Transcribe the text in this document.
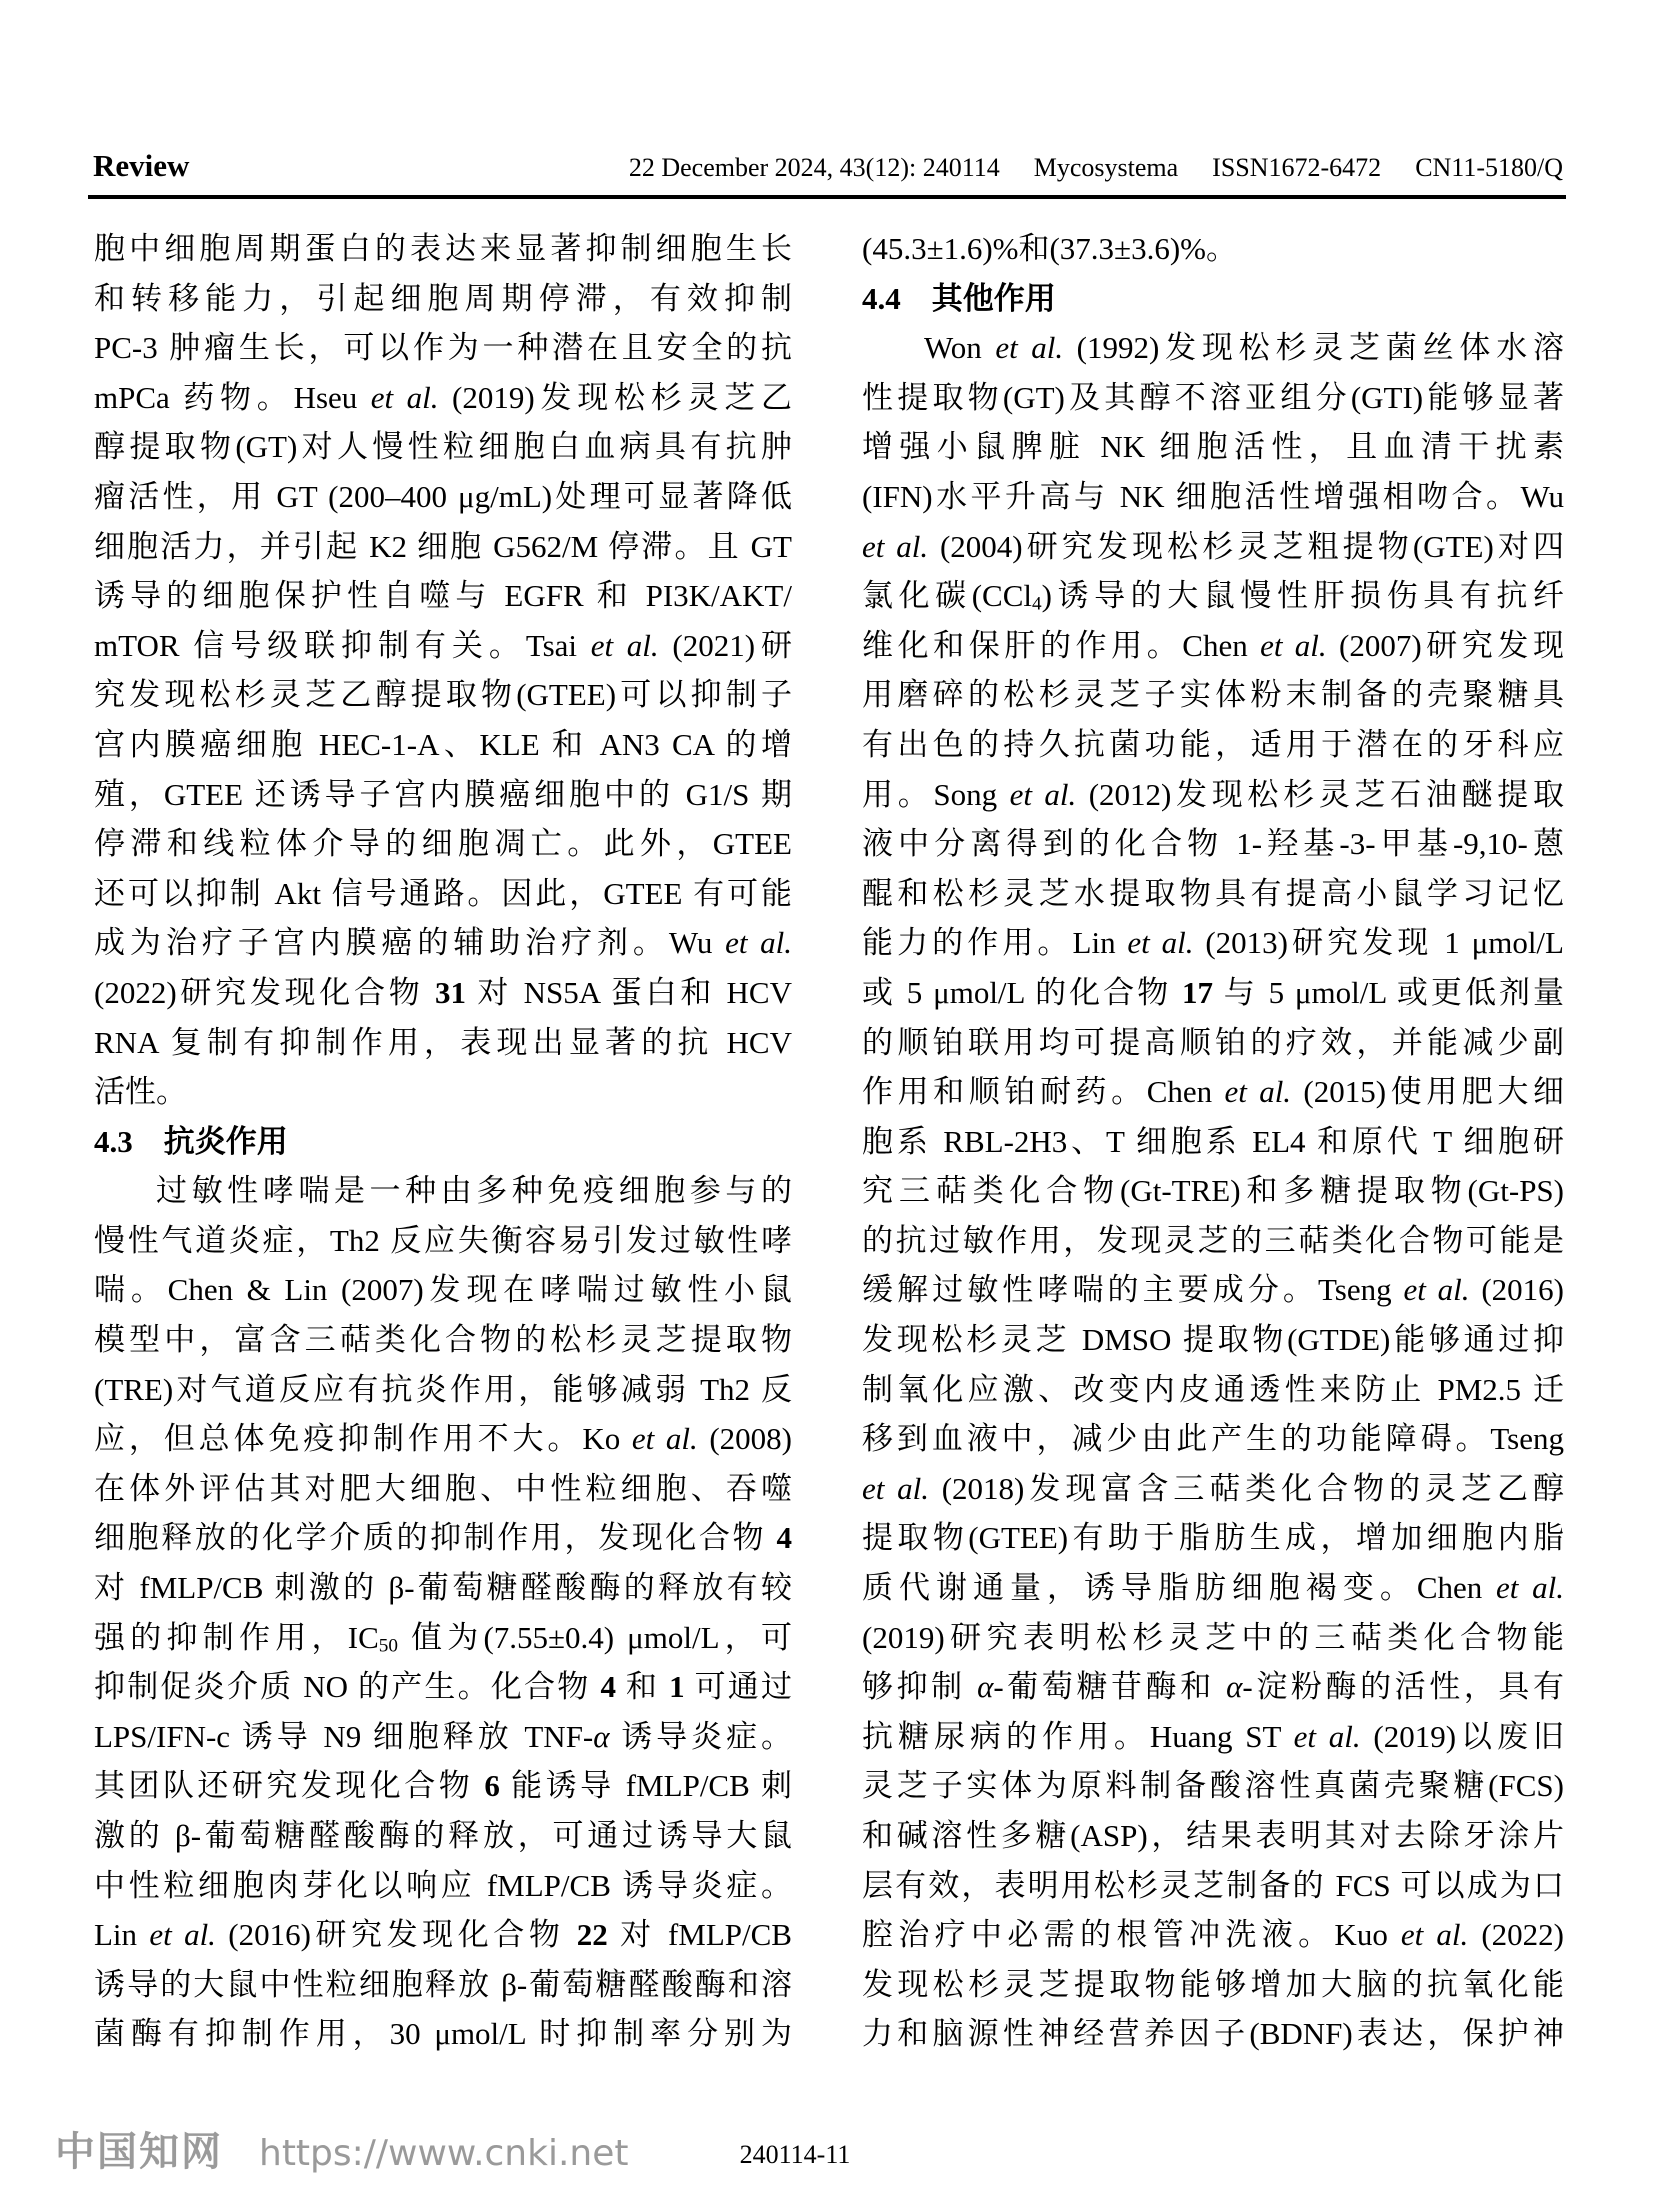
Review	22 December 2024, 43(12): 240114 Mycosystema ISSN1672-6472 CN11-5180/Q
胞中细胞周期蛋白的表达来显著抑制细胞生长
和转移能力，引起细胞周期停滞，有效抑制
PC-3 肿瘤生长，可以作为一种潜在且安全的抗
mPCa 药物。Hseu et al. (2019)发现松杉灵芝乙
醇提取物(GT)对人慢性粒细胞白血病具有抗肿
瘤活性，用 GT (200–400 μg/mL)处理可显著降低
细胞活力，并引起 K2 细胞 G562/M 停滞。且 GT
诱导的细胞保护性自噬与 EGFR 和 PI3K/AKT/
mTOR 信号级联抑制有关。Tsai et al. (2021)研
究发现松杉灵芝乙醇提取物(GTEE)可以抑制子
宫内膜癌细胞 HEC-1-A、KLE 和 AN3 CA 的增
殖，GTEE 还诱导子宫内膜癌细胞中的 G1/S 期
停滞和线粒体介导的细胞凋亡。此外，GTEE
还可以抑制 Akt 信号通路。因此，GTEE 有可能
成为治疗子宫内膜癌的辅助治疗剂。Wu et al.
(2022)研究发现化合物 31 对 NS5A 蛋白和 HCV
RNA 复制有抑制作用，表现出显著的抗 HCV
活性。
4.3 抗炎作用
过敏性哮喘是一种由多种免疫细胞参与的
慢性气道炎症，Th2 反应失衡容易引发过敏性哮
喘。Chen & Lin (2007)发现在哮喘过敏性小鼠
模型中，富含三萜类化合物的松杉灵芝提取物
(TRE)对气道反应有抗炎作用，能够减弱 Th2 反
应，但总体免疫抑制作用不大。Ko et al. (2008)
在体外评估其对肥大细胞、中性粒细胞、吞噬
细胞释放的化学介质的抑制作用，发现化合物 4
对 fMLP/CB 刺激的 β-葡萄糖醛酸酶的释放有较
强的抑制作用，IC50 值为(7.55±0.4) μmol/L，可
抑制促炎介质 NO 的产生。化合物 4 和 1 可通过
LPS/IFN-c 诱导 N9 细胞释放 TNF-α 诱导炎症。
其团队还研究发现化合物 6 能诱导 fMLP/CB 刺
激的 β-葡萄糖醛酸酶的释放，可通过诱导大鼠
中性粒细胞肉芽化以响应 fMLP/CB 诱导炎症。
Lin et al. (2016)研究发现化合物 22 对 fMLP/CB
诱导的大鼠中性粒细胞释放 β-葡萄糖醛酸酶和溶
菌酶有抑制作用，30 μmol/L 时抑制率分别为
(45.3±1.6)%和(37.3±3.6)%。
4.4 其他作用
Won et al. (1992)发现松杉灵芝菌丝体水溶
性提取物(GT)及其醇不溶亚组分(GTI)能够显著
增强小鼠脾脏 NK 细胞活性，且血清干扰素
(IFN)水平升高与 NK 细胞活性增强相吻合。Wu
et al. (2004)研究发现松杉灵芝粗提物(GTE)对四
氯化碳(CCl4)诱导的大鼠慢性肝损伤具有抗纤
维化和保肝的作用。Chen et al. (2007)研究发现
用磨碎的松杉灵芝子实体粉末制备的壳聚糖具
有出色的持久抗菌功能，适用于潜在的牙科应
用。Song et al. (2012)发现松杉灵芝石油醚提取
液中分离得到的化合物 1-羟基-3-甲基-9,10-蒽
醌和松杉灵芝水提取物具有提高小鼠学习记忆
能力的作用。Lin et al. (2013)研究发现 1 μmol/L
或 5 μmol/L 的化合物 17 与 5 μmol/L 或更低剂量
的顺铂联用均可提高顺铂的疗效，并能减少副
作用和顺铂耐药。Chen et al. (2015)使用肥大细
胞系 RBL-2H3、T 细胞系 EL4 和原代 T 细胞研
究三萜类化合物(Gt-TRE)和多糖提取物(Gt-PS)
的抗过敏作用，发现灵芝的三萜类化合物可能是
缓解过敏性哮喘的主要成分。Tseng et al. (2016)
发现松杉灵芝 DMSO 提取物(GTDE)能够通过抑
制氧化应激、改变内皮通透性来防止 PM2.5 迁
移到血液中，减少由此产生的功能障碍。Tseng
et al. (2018)发现富含三萜类化合物的灵芝乙醇
提取物(GTEE)有助于脂肪生成，增加细胞内脂
质代谢通量，诱导脂肪细胞褐变。Chen et al.
(2019)研究表明松杉灵芝中的三萜类化合物能
够抑制 α-葡萄糖苷酶和 α-淀粉酶的活性，具有
抗糖尿病的作用。Huang ST et al. (2019)以废旧
灵芝子实体为原料制备酸溶性真菌壳聚糖(FCS)
和碱溶性多糖(ASP)，结果表明其对去除牙涂片
层有效，表明用松杉灵芝制备的 FCS 可以成为口
腔治疗中必需的根管冲洗液。Kuo et al. (2022)
发现松杉灵芝提取物能够增加大脑的抗氧化能
力和脑源性神经营养因子(BDNF)表达，保护神
中国知网 https://www.cnki.net	240114-11
